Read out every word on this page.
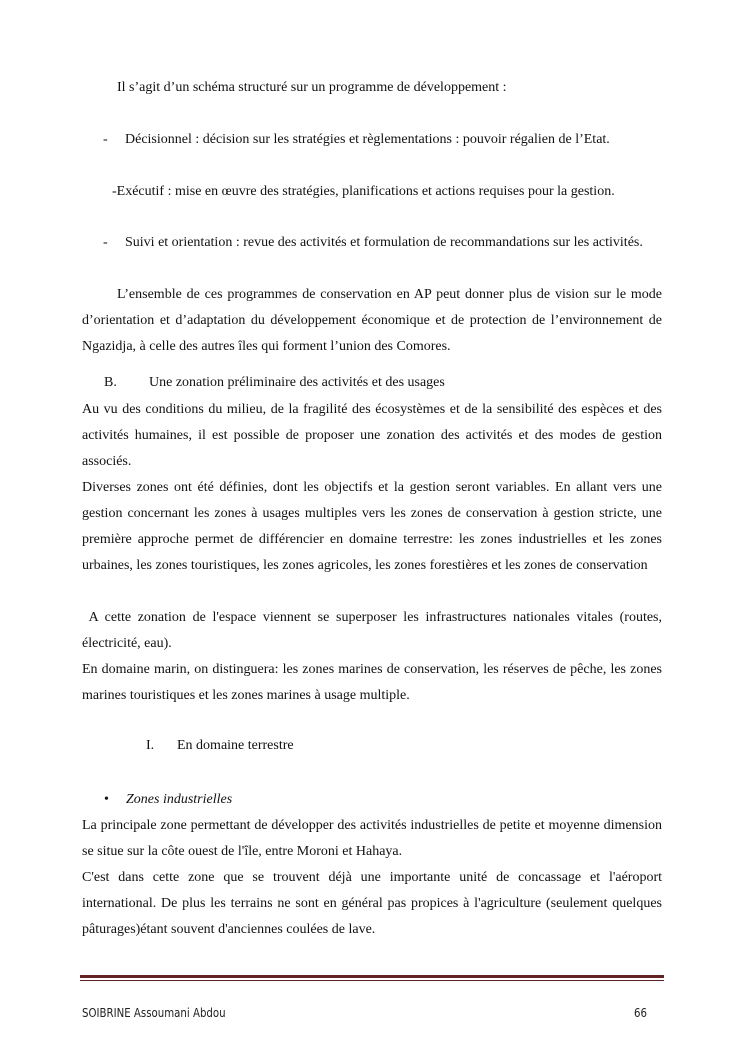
Il s’agit d’un schéma structuré sur un programme de développement :
- Décisionnel : décision sur les stratégies et règlementations : pouvoir régalien de l’Etat.
-Exécutif : mise en œuvre des stratégies, planifications et actions requises pour la gestion.
- Suivi et orientation : revue des activités et formulation de recommandations sur les activités.
L’ensemble de ces programmes de conservation en AP peut donner plus de vision sur le mode d’orientation et d’adaptation du développement économique et de protection de l’environnement de Ngazidja, à celle des autres îles qui forment l’union des Comores.
B. Une zonation préliminaire des activités et des usages
Au vu des conditions du milieu, de la fragilité des écosystèmes et de la sensibilité des espèces et des activités humaines, il est possible de proposer une zonation des activités et des modes de gestion associés.
Diverses zones ont été définies, dont les objectifs et la gestion seront variables. En allant vers une gestion concernant les zones à usages multiples vers les zones de conservation à gestion stricte, une première approche permet de différencier en domaine terrestre: les zones industrielles et les zones urbaines, les zones touristiques, les zones agricoles, les zones forestières et les zones de conservation
A cette zonation de l'espace viennent se superposer les infrastructures nationales vitales (routes, électricité, eau).
En domaine marin, on distinguera: les zones marines de conservation, les réserves de pêche, les zones marines touristiques et les zones marines à usage multiple.
I. En domaine terrestre
• Zones industrielles
La principale zone permettant de développer des activités industrielles de petite et moyenne dimension se situe sur la côte ouest de l'île, entre Moroni et Hahaya.
C'est dans cette zone que se trouvent déjà une importante unité de concassage et l'aéroport international. De plus les terrains ne sont en général pas propices à l'agriculture (seulement quelques pâturages)étant souvent d'anciennes coulées de lave.
SOIBRINE Assoumani Abdou	66
